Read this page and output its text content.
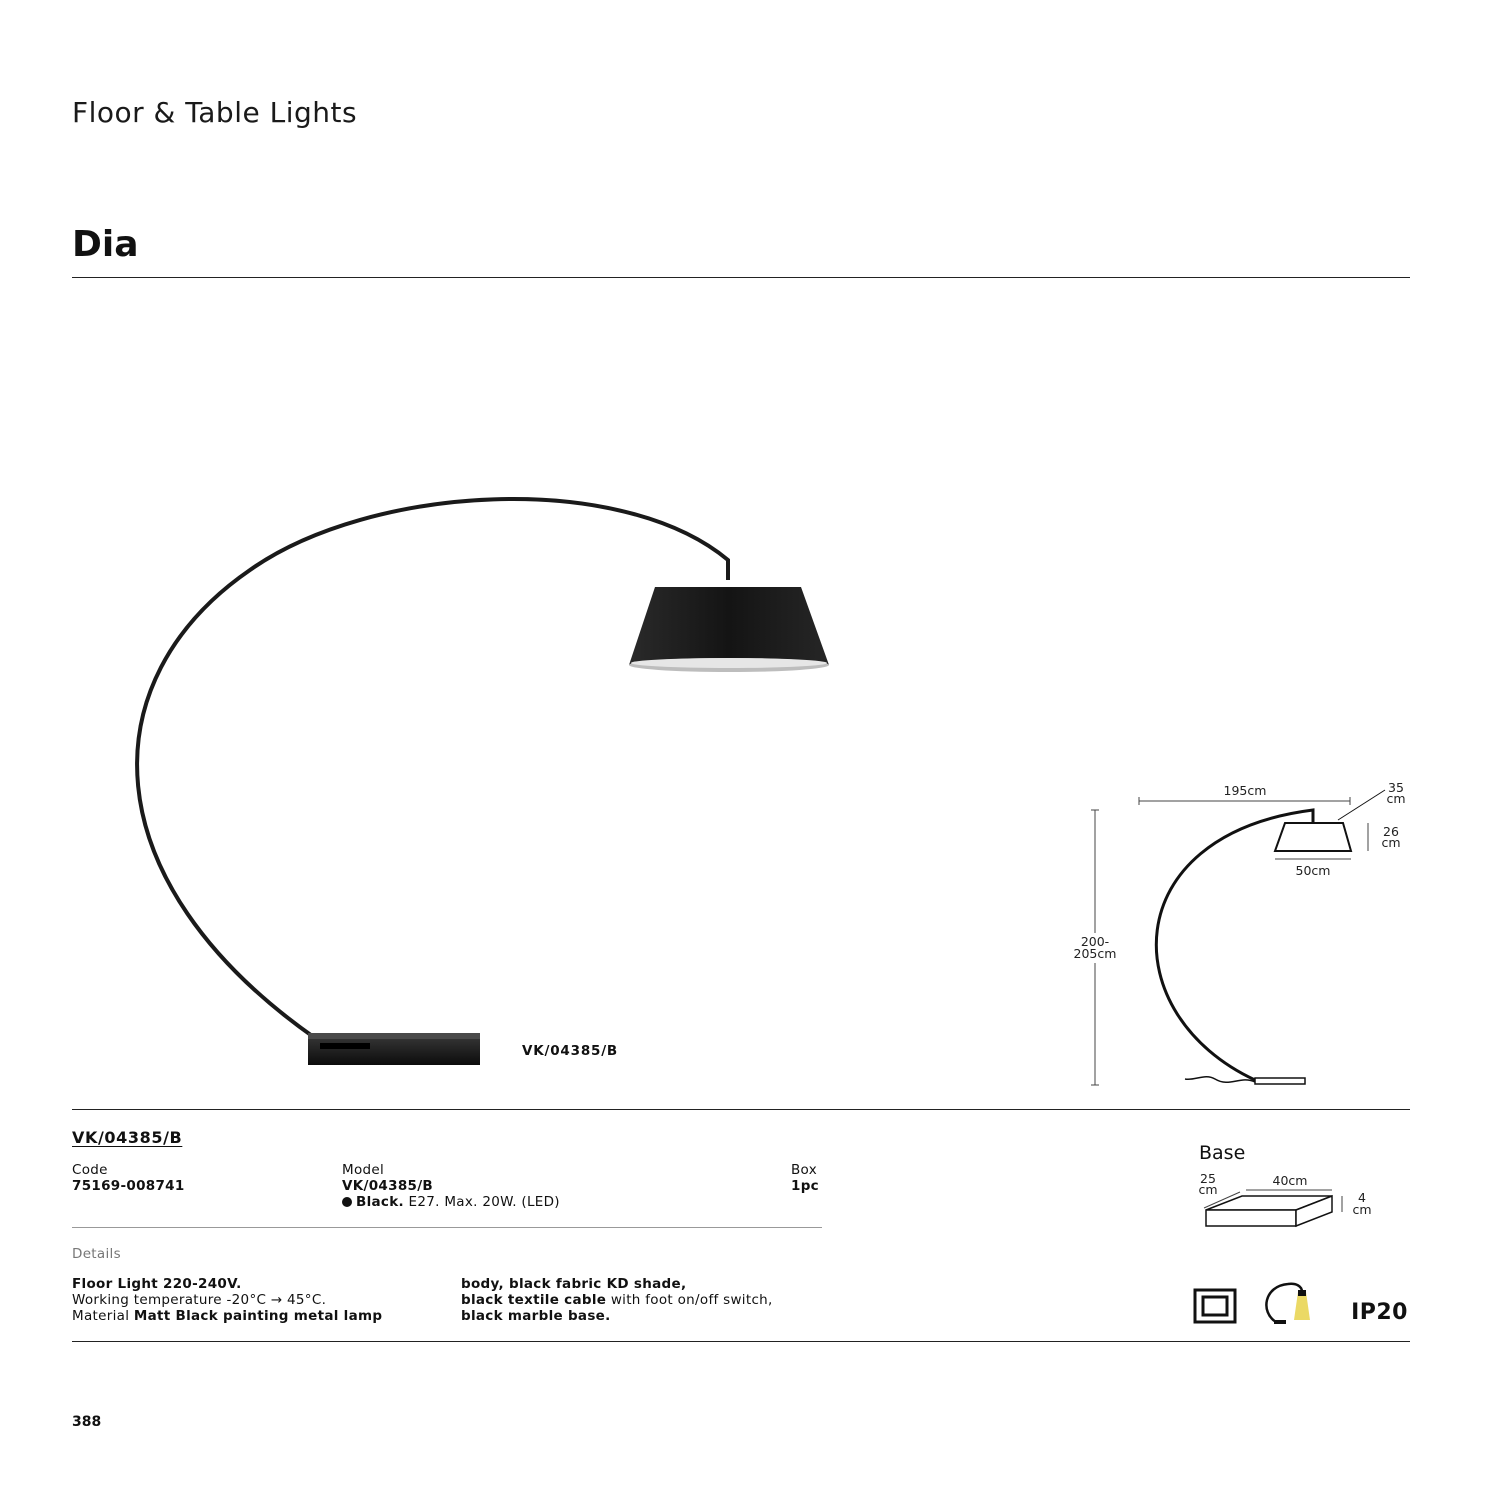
Floor & Table Lights
Dia
VK/04385/B
195cm
200-
205cm
35
cm
26
cm
50cm
VK/04385/B
Code
75169-008741
Model
VK/04385/B
Black. E27. Max. 20W. (LED)
Box
1pc
Details
Floor Light 220-240V.
Working temperature -20°C → 45°C.
Material Matt Black painting metal lamp
body, black fabric KD shade,
black textile cable with foot on/off switch,
black marble base.
Base
25
cm
40cm
4
cm
IP20
388
